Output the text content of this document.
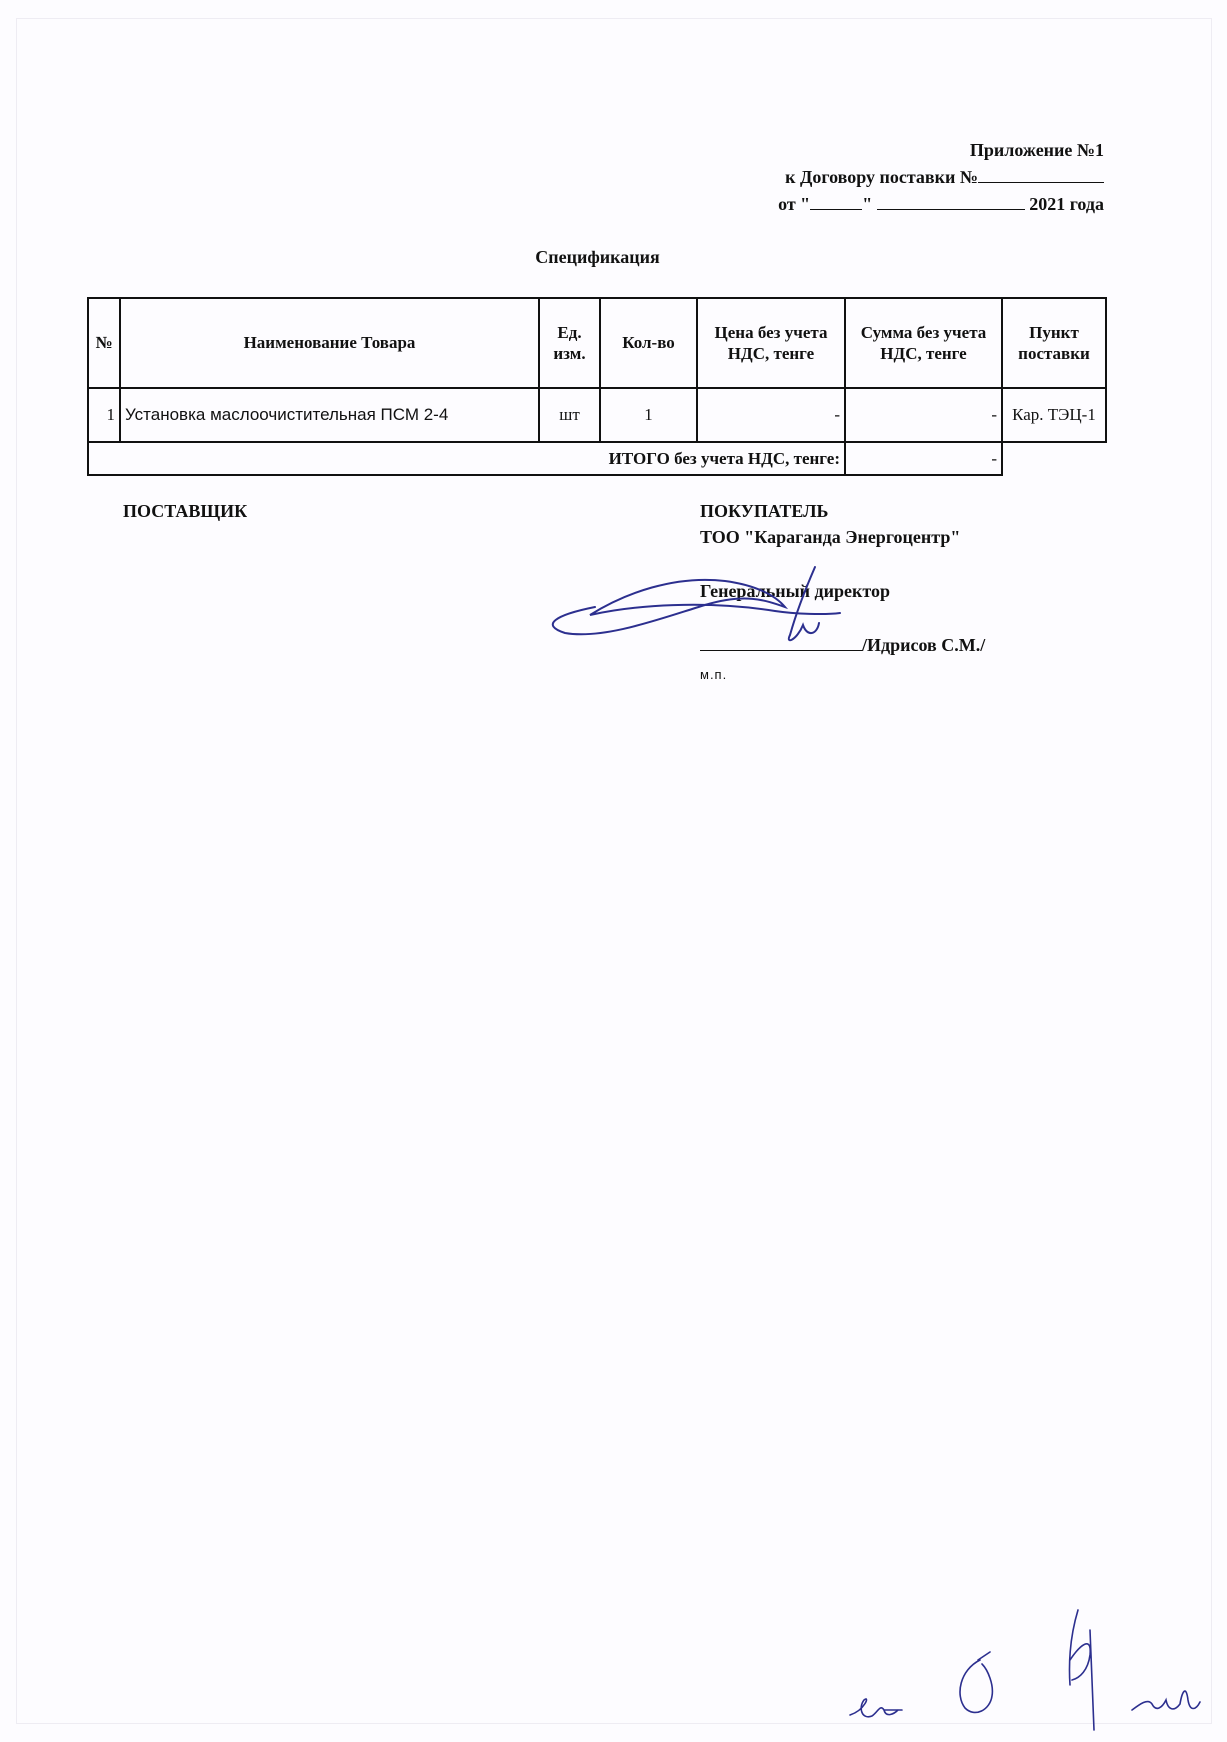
Приложение №1
к Договору поставки №
от "	"	2021 года
Спецификация
№	Наименование Товара	Ед. изм.	Кол-во	Цена без учета НДС, тенге	Сумма без учета НДС, тенге	Пункт поставки
1	Установка маслоочистительная ПСМ 2-4	шт	1	-	-	Кар. ТЭЦ-1
ИТОГО без учета НДС, тенге:					-	
ПОСТАВЩИК	ПОКУПАТЕЛЬ
ТОО "Караганда Энергоцентр"
Генеральный директор
/Идрисов С.М./
м.п.
